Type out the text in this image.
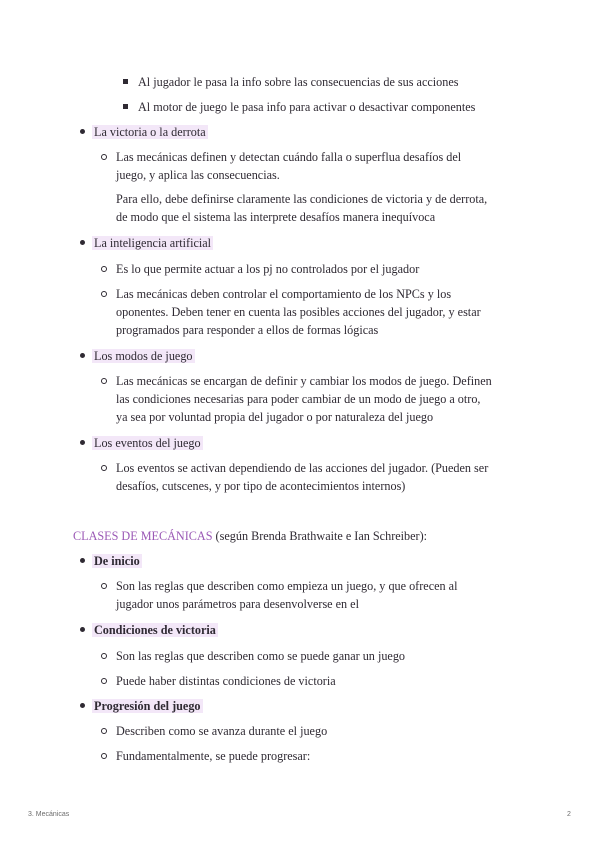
Al jugador le pasa la info sobre las consecuencias de sus acciones
Al motor de juego le pasa info para activar o desactivar componentes
La victoria o la derrota
Las mecánicas definen y detectan cuándo falla o superflua desafíos del
juego, y aplica las consecuencias.
Para ello, debe definirse claramente las condiciones de victoria y de derrota,
de modo que el sistema las interprete desafíos manera inequívoca
La inteligencia artificial
Es lo que permite actuar a los pj no controlados por el jugador
Las mecánicas deben controlar el comportamiento de los NPCs y los
oponentes. Deben tener en cuenta las posibles acciones del jugador, y estar
programados para responder a ellos de formas lógicas
Los modos de juego
Las mecánicas se encargan de definir y cambiar los modos de juego. Definen
las condiciones necesarias para poder cambiar de un modo de juego a otro,
ya sea por voluntad propia del jugador o por naturaleza del juego
Los eventos del juego
Los eventos se activan dependiendo de las acciones del jugador. (Pueden ser
desafíos, cutscenes, y por tipo de acontecimientos internos)
CLASES DE MECÁNICAS (según Brenda Brathwaite e Ian Schreiber):
De inicio
Son las reglas que describen como empieza un juego, y que ofrecen al
jugador unos parámetros para desenvolverse en el
Condiciones de victoria
Son las reglas que describen como se puede ganar un juego
Puede haber distintas condiciones de victoria
Progresión del juego
Describen como se avanza durante el juego
Fundamentalmente, se puede progresar:
3. Mecánicas	2
